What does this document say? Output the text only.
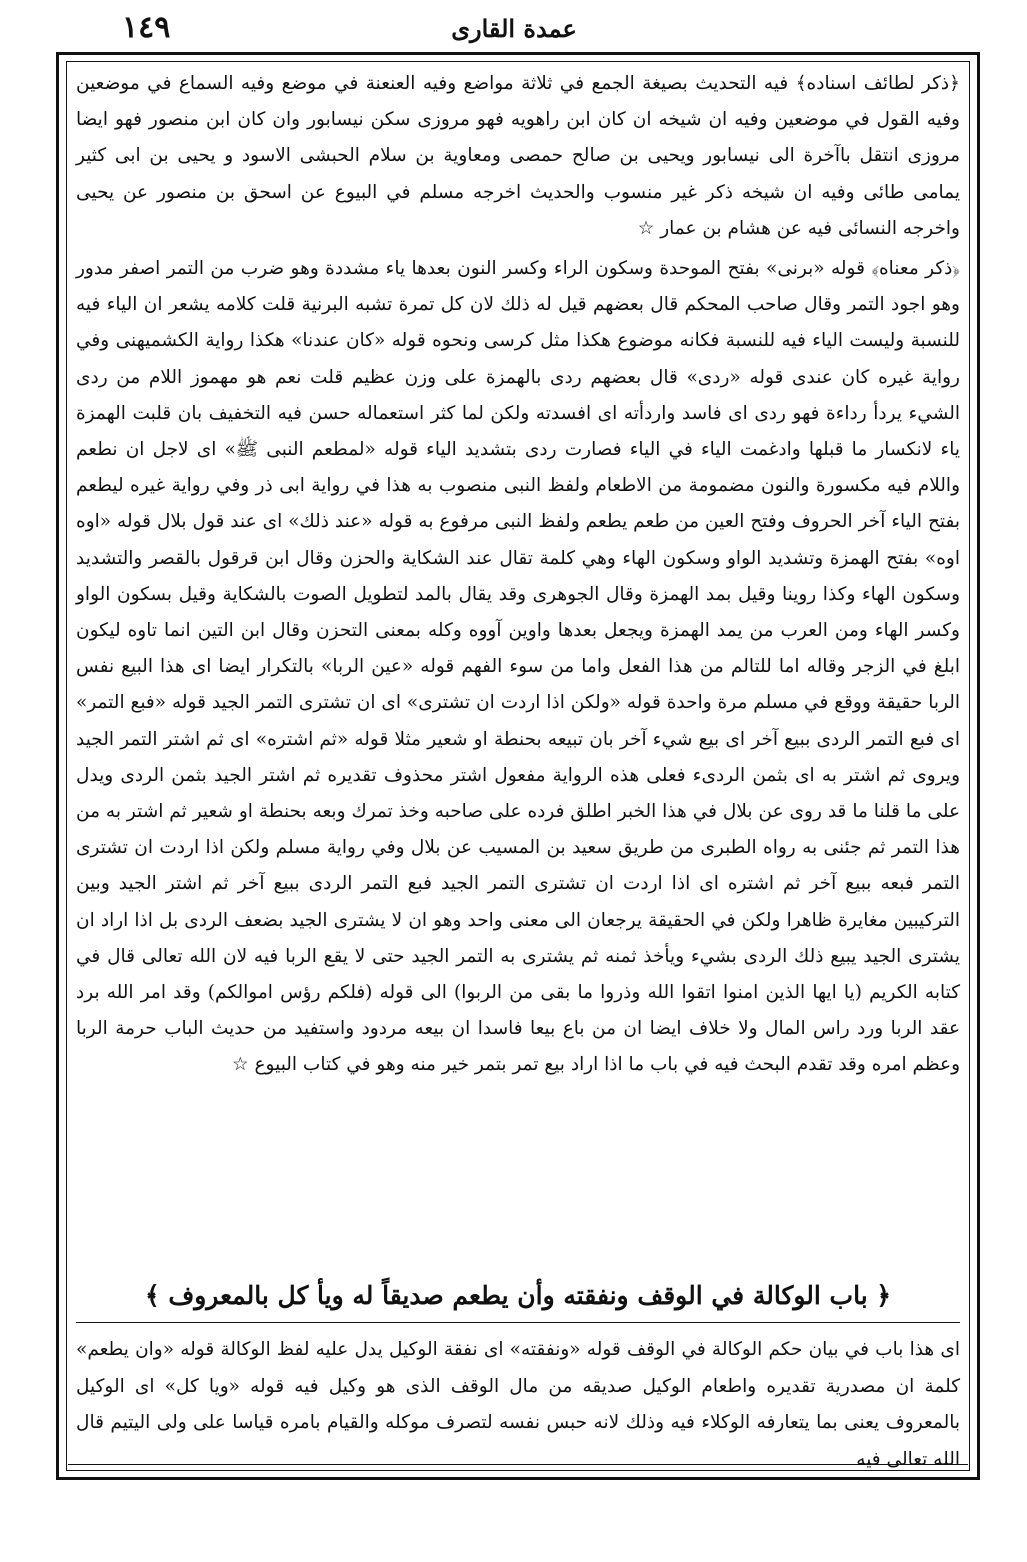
١٤٩	عمدة القارى

﴿ذكر لطائف اسناده﴾ فيه التحديث بصيغة الجمع في ثلاثة مواضع وفيه العنعنة في موضع وفيه السماع في موضعين وفيه القول في موضعين وفيه ان شيخه ان كان ابن راهويه فهو مروزى سكن نيسابور وان كان ابن منصور فهو ايضا مروزى انتقل باآخرة الى نيسابور ويحيى بن صالح حمصى ومعاوية بن سلام الحبشى الاسود و يحيى بن ابى كثير يمامى طائى وفيه ان شيخه ذكر غير منسوب والحديث اخرجه مسلم في البيوع عن اسحق بن منصور عن يحيى واخرجه النسائى فيه عن هشام بن عمار ☆

﴿ذكر معناه﴾ قوله «برنى» بفتح الموحدة وسكون الراء وكسر النون بعدها ياء مشددة وهو ضرب من التمر اصفر مدور وهو اجود التمر وقال صاحب المحكم قال بعضهم قيل له ذلك لان كل تمرة تشبه البرنية قلت كلامه يشعر ان الياء فيه للنسبة وليست الياء فيه للنسبة فكانه موضوع هكذا مثل كرسى ونحوه قوله «كان عندنا» هكذا رواية الكشميهنى وفي رواية غيره كان عندى قوله «ردى» قال بعضهم ردى بالهمزة على وزن عظيم قلت نعم هو مهموز اللام من ردى الشيء يردأ رداءة فهو ردى اى فاسد واردأته اى افسدته ولكن لما كثر استعماله حسن فيه التخفيف بان قلبت الهمزة ياء لانكسار ما قبلها وادغمت الياء في الياء فصارت ردى بتشديد الياء قوله «لمطعم النبى ﷺ» اى لاجل ان نطعم واللام فيه مكسورة والنون مضمومة من الاطعام ولفظ النبى منصوب به هذا في رواية ابى ذر وفي رواية غيره ليطعم بفتح الياء آخر الحروف وفتح العين من طعم يطعم ولفظ النبى مرفوع به قوله «عند ذلك» اى عند قول بلال قوله «اوه اوه» بفتح الهمزة وتشديد الواو وسكون الهاء وهي كلمة تقال عند الشكاية والحزن وقال ابن قرقول بالقصر والتشديد وسكون الهاء وكذا روينا وقيل بمد الهمزة وقال الجوهرى وقد يقال بالمد لتطويل الصوت بالشكاية وقيل بسكون الواو وكسر الهاء ومن العرب من يمد الهمزة ويجعل بعدها واوين آووه وكله بمعنى التحزن وقال ابن التين انما تاوه ليكون ابلغ في الزجر وقاله اما للتالم من هذا الفعل واما من سوء الفهم قوله «عين الربا» بالتكرار ايضا اى هذا البيع نفس الربا حقيقة ووقع في مسلم مرة واحدة قوله «ولكن اذا اردت ان تشترى» اى ان تشترى التمر الجيد قوله «فبع التمر» اى فبع التمر الردى ببيع آخر اى بيع شيء آخر بان تبيعه بحنطة او شعير مثلا قوله «ثم اشتره» اى ثم اشتر التمر الجيد ويروى ثم اشتر به اى بثمن الردىء فعلى هذه الرواية مفعول اشتر محذوف تقديره ثم اشتر الجيد بثمن الردى ويدل على ما قلنا ما قد روى عن بلال في هذا الخبر اطلق فرده على صاحبه وخذ تمرك وبعه بحنطة او شعير ثم اشتر به من هذا التمر ثم جئنى به رواه الطبرى من طريق سعيد بن المسيب عن بلال وفي رواية مسلم ولكن اذا اردت ان تشترى التمر فبعه ببيع آخر ثم اشتره اى اذا اردت ان تشترى التمر الجيد فبع التمر الردى ببيع آخر ثم اشتر الجيد وبين التركيبين مغايرة ظاهرا ولكن في الحقيقة يرجعان الى معنى واحد وهو ان لا يشترى الجيد بضعف الردى بل اذا اراد ان يشترى الجيد يبيع ذلك الردى بشيء ويأخذ ثمنه ثم يشترى به التمر الجيد حتى لا يقع الربا فيه لان الله تعالى قال في كتابه الكريم (يا ايها الذين امنوا اتقوا الله وذروا ما بقى من الربوا) الى قوله (فلكم رؤس اموالكم) وقد امر الله برد عقد الربا ورد راس المال ولا خلاف ايضا ان من باع بيعا فاسدا ان بيعه مردود واستفيد من حديث الباب حرمة الربا وعظم امره وقد تقدم البحث فيه في باب ما اذا اراد بيع تمر بتمر خير منه وهو في كتاب البيوع ☆

﴿ باب الوكالة في الوقف ونفقته وأن يطعم صديقاً له ويأ كل بالمعروف ﴾
اى هذا باب في بيان حكم الوكالة في الوقف قوله «ونفقته» اى نفقة الوكيل يدل عليه لفظ الوكالة قوله «وان يطعم» كلمة ان مصدرية تقديره واطعام الوكيل صديقه من مال الوقف الذى هو وكيل فيه قوله «ويا كل» اى الوكيل بالمعروف يعنى بما يتعارفه الوكلاء فيه وذلك لانه حبس نفسه لتصرف موكله والقيام بامره قياسا على ولى اليتيم قال الله تعالى فيه
